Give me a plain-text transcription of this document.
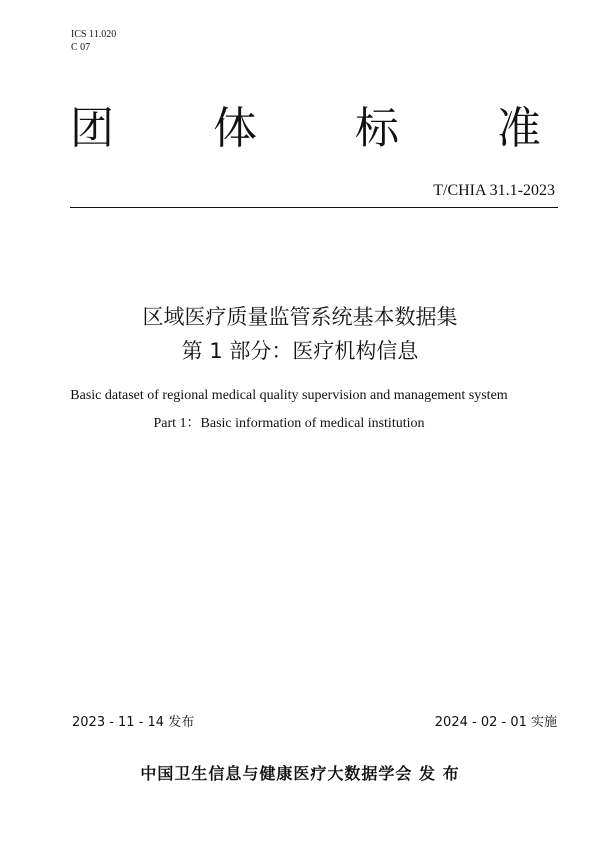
ICS 11.020
C 07
团 体 标 准
T/CHIA 31.1-2023
区域医疗质量监管系统基本数据集
第 1 部分：医疗机构信息
Basic dataset of regional medical quality supervision and management system
Part 1：Basic information of medical institution
2023 - 11 - 14 发布	2024 - 02 - 01 实施
中国卫生信息与健康医疗大数据学会 发 布
